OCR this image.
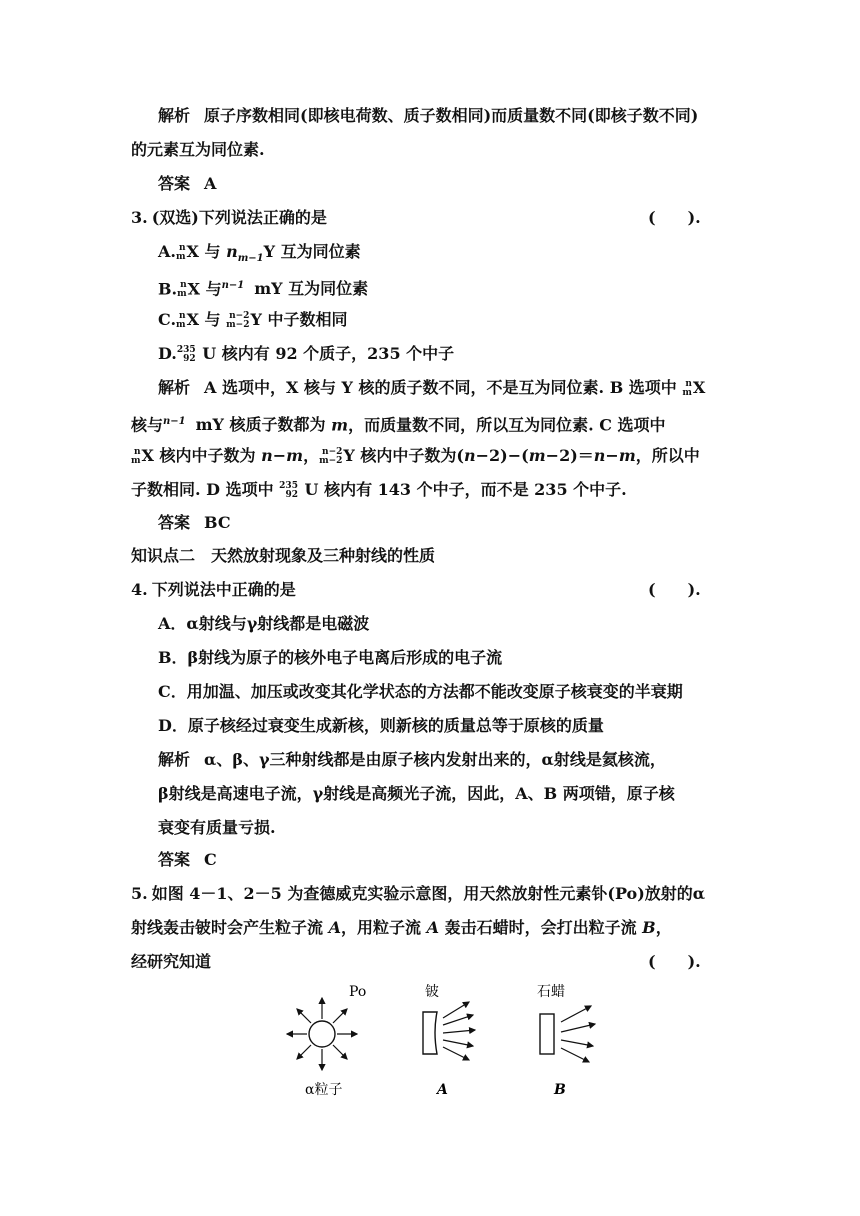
解析 原子序数相同(即核电荷数、质子数相同)而质量数不同(即核子数不同)
的元素互为同位素.
答案 A
3. (双选)下列说法正确的是	(　　).
A. n
m X 与 $n_{m-1}Y$ 互为同位素
B. n
m X 与$^{n-1}$ mY 互为同位素
C. n
m X 与 n−2
m−2 Y 中子数相同
D. 235
92 U 核内有 92 个质子，235 个中子
解析 A 选项中，X 核与 Y 核的质子数不同，不是互为同位素. B 选项中 n
m X
核与$^{n-1}$ mY 核质子数都为 m，而质量数不同，所以互为同位素. C 选项中
n
m X 核内中子数为 n−m， n−2
m−2 Y 核内中子数为(n−2)−(m−2)＝n−m，所以中
子数相同. D 选项中 235
92 U 核内有 143 个中子，而不是 235 个中子.
答案 BC
知识点二　天然放射现象及三种射线的性质
4. 下列说法中正确的是	(　　).
A．α射线与γ射线都是电磁波
B．β射线为原子的核外电子电离后形成的电子流
C．用加温、加压或改变其化学状态的方法都不能改变原子核衰变的半衰期
D．原子核经过衰变生成新核，则新核的质量总等于原核的质量
解析 α、β、γ三种射线都是由原子核内发射出来的，α射线是氦核流，
β射线是高速电子流，γ射线是高频光子流，因此，A、B 两项错，原子核
衰变有质量亏损.
答案 C
5. 如图 4－1、2－5 为查德威克实验示意图，用天然放射性元素钋(Po)放射的α
射线轰击铍时会产生粒子流 A，用粒子流 A 轰击石蜡时，会打出粒子流 B，
经研究知道	(　　).
Po
α粒子
铍
A
石蜡
B
